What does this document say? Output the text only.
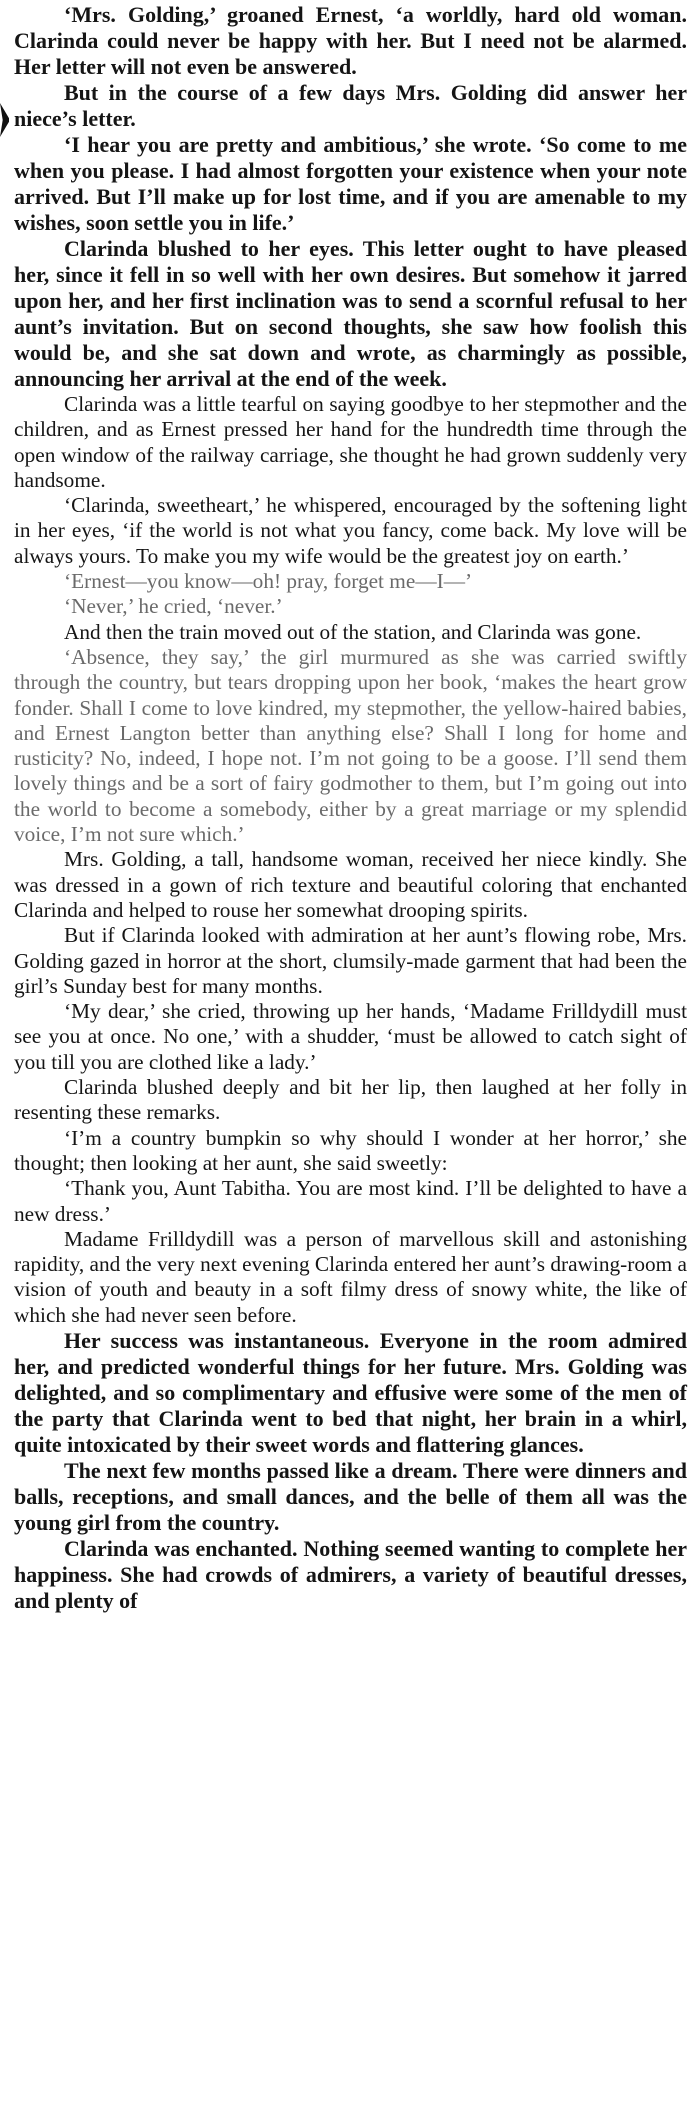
‘Mrs. Golding,’ groaned Ernest, ‘a worldly, hard old woman. Clarinda could never be happy with her. But I need not be alarmed. Her letter will not even be answered.

But in the course of a few days Mrs. Golding did answer her niece’s letter.

‘I hear you are pretty and ambitious,’ she wrote. ‘So come to me when you please. I had almost forgotten your existence when your note arrived. But I’ll make up for lost time, and if you are amenable to my wishes, soon settle you in life.’

Clarinda blushed to her eyes. This letter ought to have pleased her, since it fell in so well with her own desires. But somehow it jarred upon her, and her first inclination was to send a scornful refusal to her aunt’s invitation. But on second thoughts, she saw how foolish this would be, and she sat down and wrote, as charmingly as possible, announcing her arrival at the end of the week.

Clarinda was a little tearful on saying goodbye to her stepmother and the children, and as Ernest pressed her hand for the hundredth time through the open window of the railway carriage, she thought he had grown suddenly very handsome.

‘Clarinda, sweetheart,’ he whispered, encouraged by the softening light in her eyes, ‘if the world is not what you fancy, come back. My love will be always yours. To make you my wife would be the greatest joy on earth.’

‘Ernest—you know—oh! pray, forget me—I—’

‘Never,’ he cried, ‘never.’

And then the train moved out of the station, and Clarinda was gone.

‘Absence, they say,’ the girl murmured as she was carried swiftly through the country, but tears dropping upon her book, ‘makes the heart grow fonder. Shall I come to love kindred, my stepmother, the yellow-haired babies, and Ernest Langton better than anything else? Shall I long for home and rusticity? No, indeed, I hope not. I’m not going to be a goose. I’ll send them lovely things and be a sort of fairy godmother to them, but I’m going out into the world to become a somebody, either by a great marriage or my splendid voice, I’m not sure which.’

Mrs. Golding, a tall, handsome woman, received her niece kindly. She was dressed in a gown of rich texture and beautiful coloring that enchanted Clarinda and helped to rouse her somewhat drooping spirits.

But if Clarinda looked with admiration at her aunt’s flowing robe, Mrs. Golding gazed in horror at the short, clumsily-made garment that had been the girl’s Sunday best for many months.

‘My dear,’ she cried, throwing up her hands, ‘Madame Frilldydill must see you at once. No one,’ with a shudder, ‘must be allowed to catch sight of you till you are clothed like a lady.’

Clarinda blushed deeply and bit her lip, then laughed at her folly in resenting these remarks.

‘I’m a country bumpkin so why should I wonder at her horror,’ she thought; then looking at her aunt, she said sweetly:

‘Thank you, Aunt Tabitha. You are most kind. I’ll be delighted to have a new dress.’

Madame Frilldydill was a person of marvellous skill and astonishing rapidity, and the very next evening Clarinda entered her aunt’s drawing-room a vision of youth and beauty in a soft filmy dress of snowy white, the like of which she had never seen before.

Her success was instantaneous. Everyone in the room admired her, and predicted wonderful things for her future. Mrs. Golding was delighted, and so complimentary and effusive were some of the men of the party that Clarinda went to bed that night, her brain in a whirl, quite intoxicated by their sweet words and flattering glances.

The next few months passed like a dream. There were dinners and balls, receptions, and small dances, and the belle of them all was the young girl from the country.

Clarinda was enchanted. Nothing seemed wanting to complete her happiness. She had crowds of admirers, a variety of beautiful dresses, and plenty of
